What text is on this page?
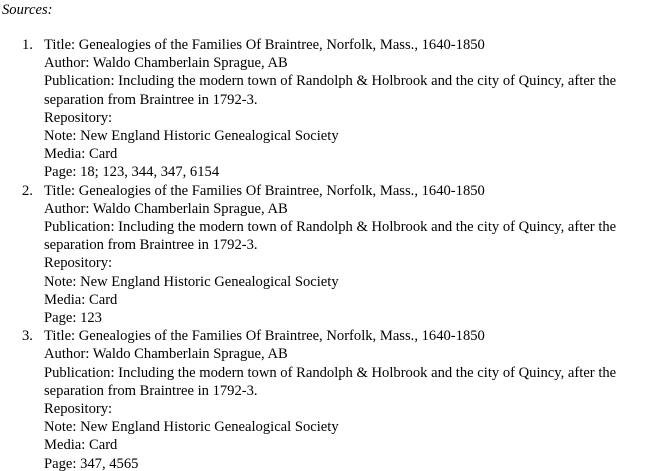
Sources:
1. Title: Genealogies of the Families Of Braintree, Norfolk, Mass., 1640-1850
Author: Waldo Chamberlain Sprague, AB
Publication: Including the modern town of Randolph & Holbrook and the city of Quincy, after the separation from Braintree in 1792-3.
Repository:
Note: New England Historic Genealogical Society
Media: Card
Page: 18; 123, 344, 347, 6154
2. Title: Genealogies of the Families Of Braintree, Norfolk, Mass., 1640-1850
Author: Waldo Chamberlain Sprague, AB
Publication: Including the modern town of Randolph & Holbrook and the city of Quincy, after the separation from Braintree in 1792-3.
Repository:
Note: New England Historic Genealogical Society
Media: Card
Page: 123
3. Title: Genealogies of the Families Of Braintree, Norfolk, Mass., 1640-1850
Author: Waldo Chamberlain Sprague, AB
Publication: Including the modern town of Randolph & Holbrook and the city of Quincy, after the separation from Braintree in 1792-3.
Repository:
Note: New England Historic Genealogical Society
Media: Card
Page: 347, 4565
